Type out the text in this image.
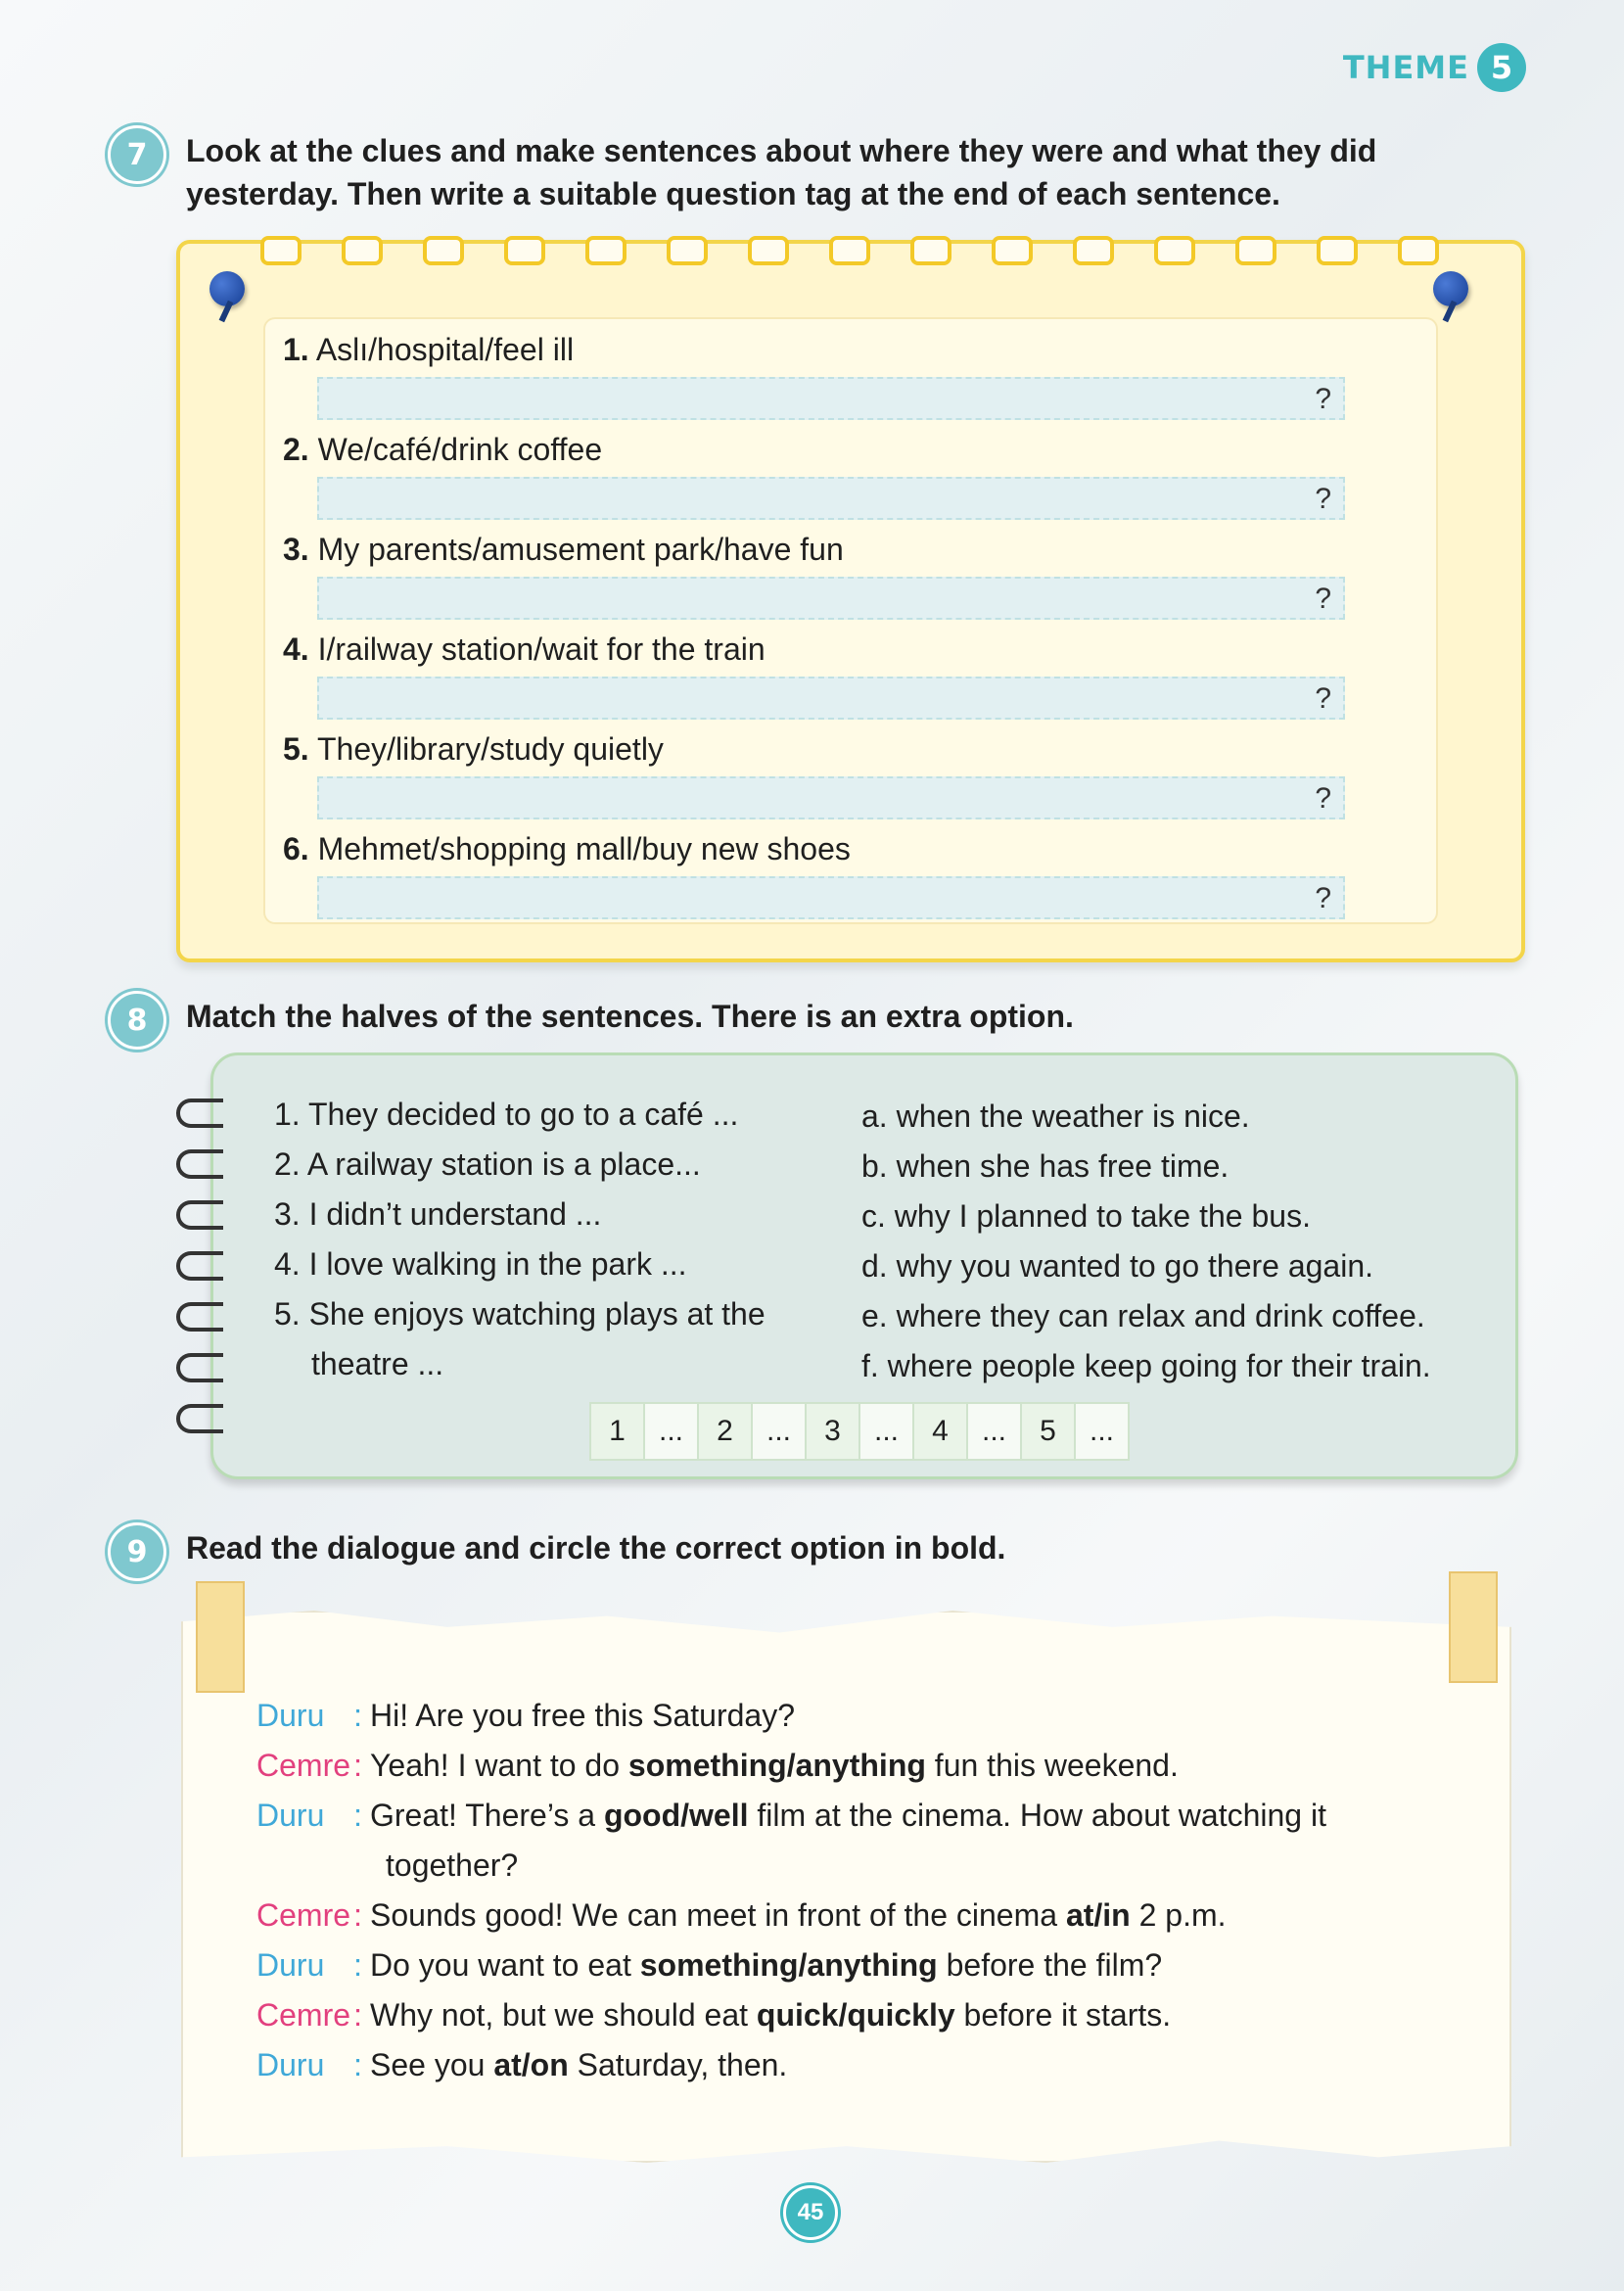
THEME 5
7	Look at the clues and make sentences about where they were and what they did yesterday. Then write a suitable question tag at the end of each sentence.
1. Aslı/hospital/feel ill
?
2. We/café/drink coffee
?
3. My parents/amusement park/have fun
?
4. I/railway station/wait for the train
?
5. They/library/study quietly
?
6. Mehmet/shopping mall/buy new shoes
?
8	Match the halves of the sentences. There is an extra option.
1. They decided to go to a café ...
2. A railway station is a place...
3. I didn’t understand ...
4. I love walking in the park ...
5. She enjoys watching plays at the
theatre ...
a. when the weather is nice.
b. when she has free time.
c. why I planned to take the bus.
d. why you wanted to go there again.
e. where they can relax and drink coffee.
f. where people keep going for their train.
1	...	2	...	3	...	4	...	5	...
9	Read the dialogue and circle the correct option in bold.
Duru : Hi! Are you free this Saturday?
Cemre : Yeah! I want to do something/anything fun this weekend.
Duru : Great! There’s a good/well film at the cinema. How about watching it
together?
Cemre : Sounds good! We can meet in front of the cinema at/in 2 p.m.
Duru : Do you want to eat something/anything before the film?
Cemre : Why not, but we should eat quick/quickly before it starts.
Duru : See you at/on Saturday, then.
45
